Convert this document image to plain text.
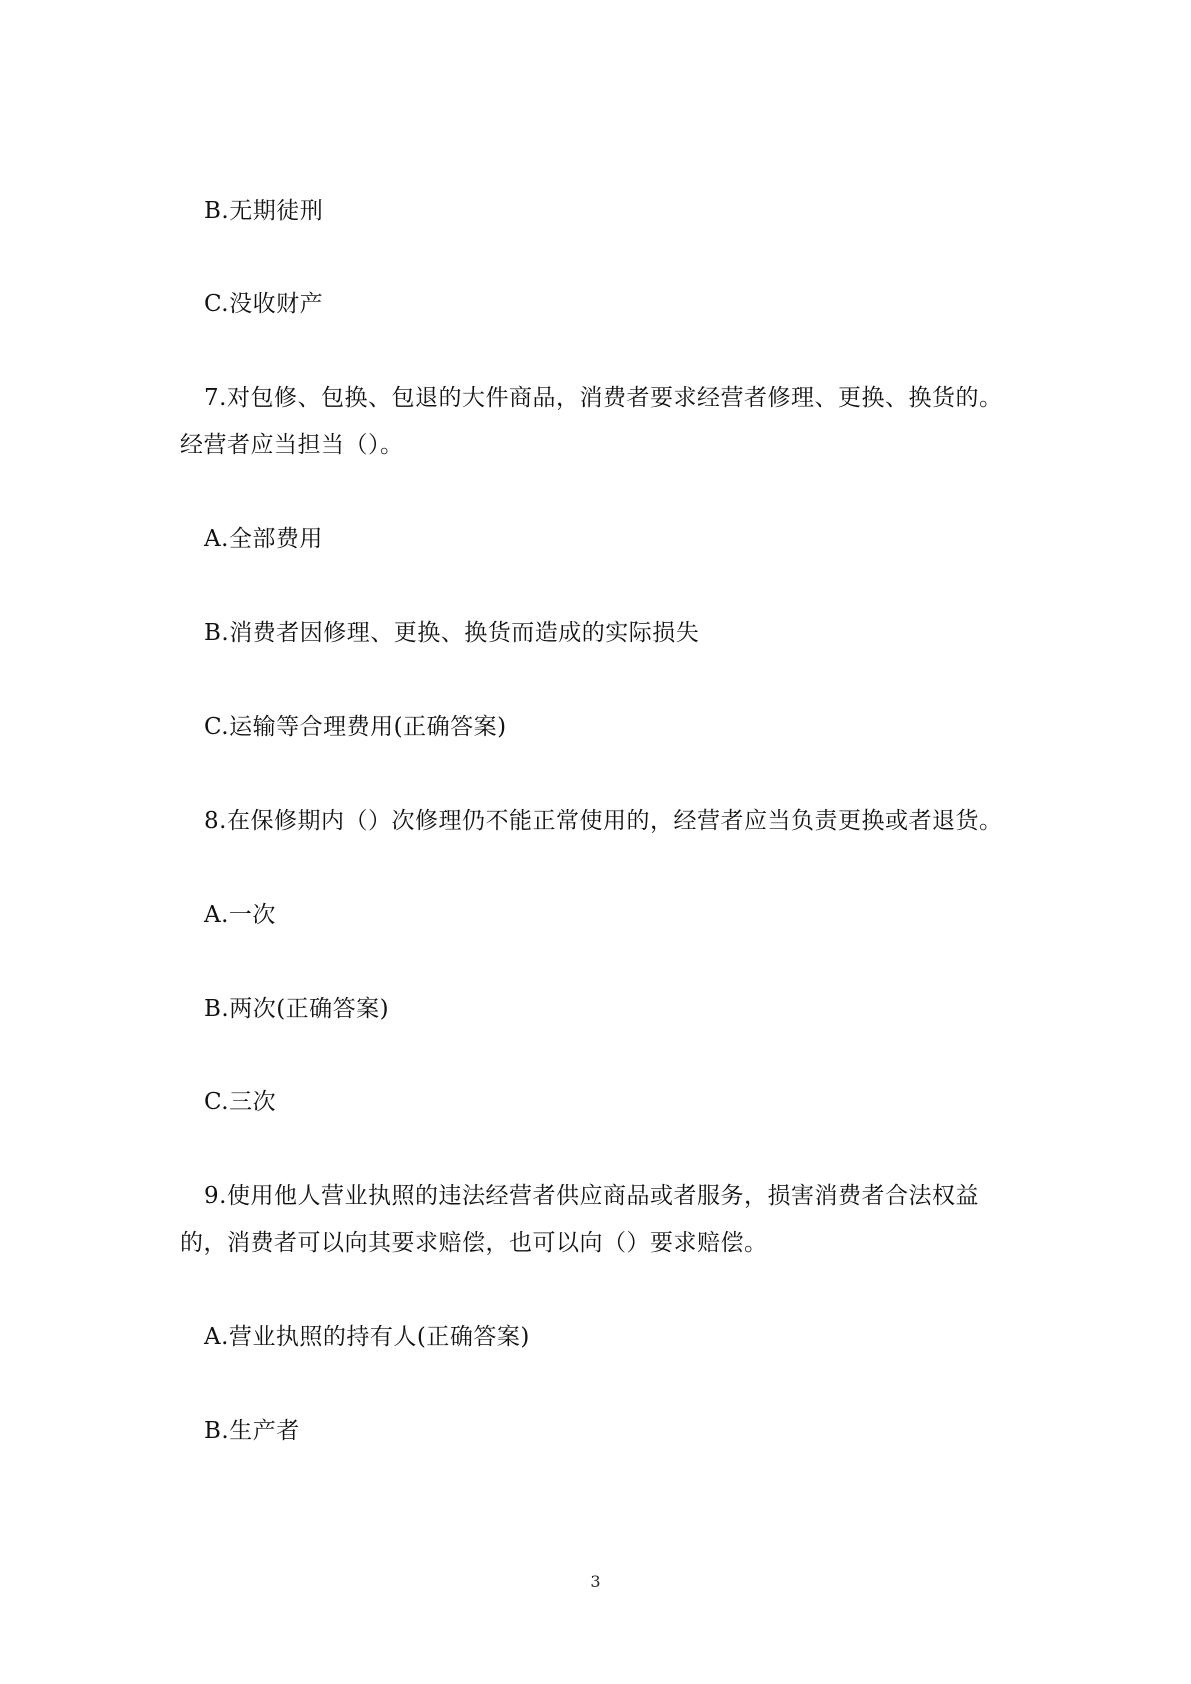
B.无期徒刑
C.没收财产
7.对包修、包换、包退的大件商品，消费者要求经营者修理、更换、换货的。
经营者应当担当（）。
A.全部费用
B.消费者因修理、更换、换货而造成的实际损失
C.运输等合理费用(正确答案)
8.在保修期内（）次修理仍不能正常使用的，经营者应当负责更换或者退货。
A.一次
B.两次(正确答案)
C.三次
9.使用他人营业执照的违法经营者供应商品或者服务，损害消费者合法权益
的，消费者可以向其要求赔偿，也可以向（）要求赔偿。
A.营业执照的持有人(正确答案)
B.生产者
3
